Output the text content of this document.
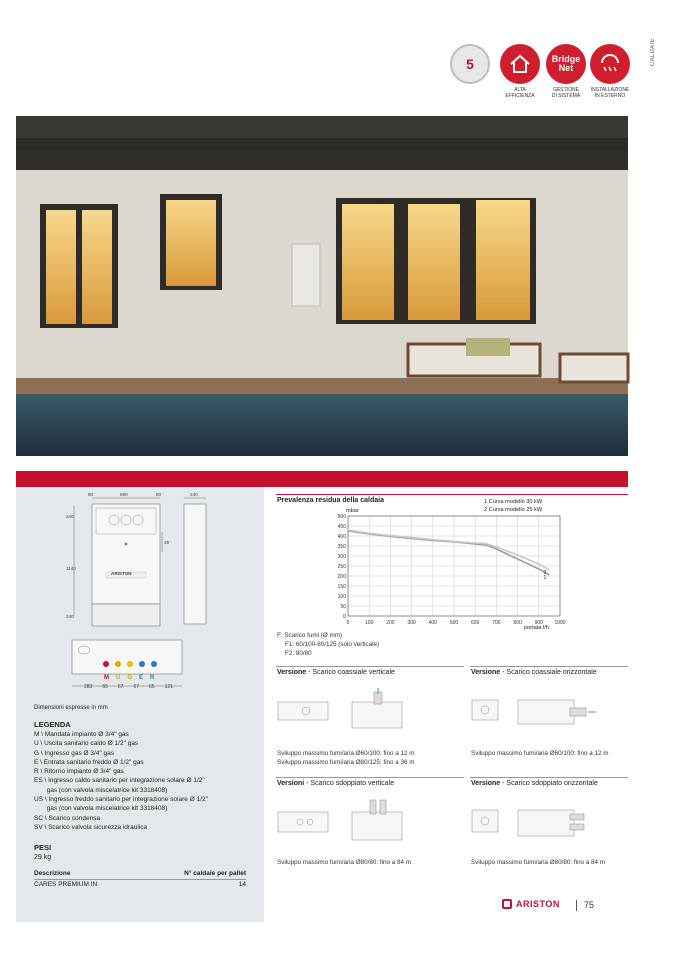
CALDAIE
5
ALTA
EFFICIENZA
Bridge
Net
GESTIONE
DI SISTEMA
INSTALLAZIONE
IN ESTERNO
80	590	80	240
240
1140
240
39
ARISTON
283 65 67 67 65 121
M U G E R
Dimensioni espresse in mm
LEGENDA
M \ Mandata impianto Ø 3/4" gas
U \ Uscita sanitario caldo Ø 1/2" gas
G \ Ingresso gas Ø 3/4" gas
E \ Entrata sanitario freddo Ø 1/2" gas
R \ Ritorno impianto Ø 3/4" gas
ES \ Ingresso caldo sanitario per integrazione solare Ø 1/2"
gas (con valvola miscelatrice kit 3318408)
US \ Ingresso freddo sanitario per integrazione solare Ø 1/2"
gas (con valvola miscelatrice kit 3318408)
SC \ Scarico condensa
SV \ Scarico valvola sicurezza idraulica
PESI
29 kg
Descrizione	N° caldaie per pallet
CARES PREMIUM IN	14
Prevalenza residua della caldaia	1 Curva modello 30 kW
2 Curva modello 25 kW
mbar
portata l/h
0
50
100
150
200
250
300
350
400
450
500
0	100	200	300	400	500	600	700	800	900 1000
1
2
F: Scarico fumi (Ø mm)
F1: 60/100-80/125 (solo verticale)
F2: 80/80
Versione - Scarico coassiale verticale
Sviluppo massimo fumi/aria Ø60/100: fino a 12 m
Sviluppo massimo fumi/aria Ø80/125: fino a 36 m
Versione - Scarico coassiale orizzontale
Sviluppo massimo fumi/aria Ø60/100: fino a 12 m
Versioni - Scarico sdoppiato verticale
Sviluppo massimo fumi/aria Ø80/80: fino a 84 m
Versione - Scarico sdoppiato orizzontale
Sviluppo massimo fumi/aria Ø80/80: fino a 84 m
ARISTON	75
